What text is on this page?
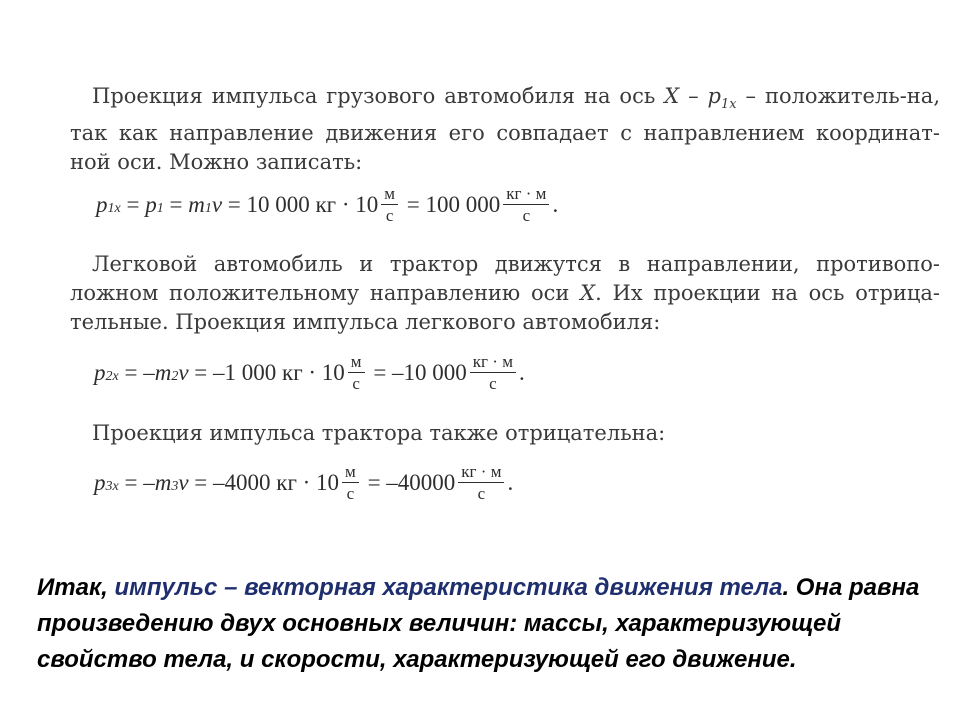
Проекция импульса грузового автомобиля на ось X – $p_{1x}$ – положитель-на, так как направление движения его совпадает с направлением координат-ной оси. Можно записать:
$p_{1x} = p_1 = m_1$ v = 10 000 кг · $10 \frac{м}{с} = 100$ $000 \frac{кг \cdot м}{с}$ .
Легковой автомобиль и трактор движутся в направлении, противопо-ложном положительному направлению оси X. Их проекции на ось отрица-тельные. Проекция импульса легкового автомобиля:
$p_{2x}$ = – $m_2$ v = –1 000 кг · $10 \frac{м}{с} = -10$ $000 \frac{кг \cdot м}{с}$ .
Проекция импульса трактора также отрицательна:
$p_{3x}$ = – $m_3$ v = –4000 кг · $10 \frac{м}{с} = -40000 \frac{кг \cdot м}{с}$ .
Итак, импульс – векторная характеристика движения тела. Она равна произведению двух основных величин: массы, характеризующей свойство тела, и скорости, характеризующей его движение.
